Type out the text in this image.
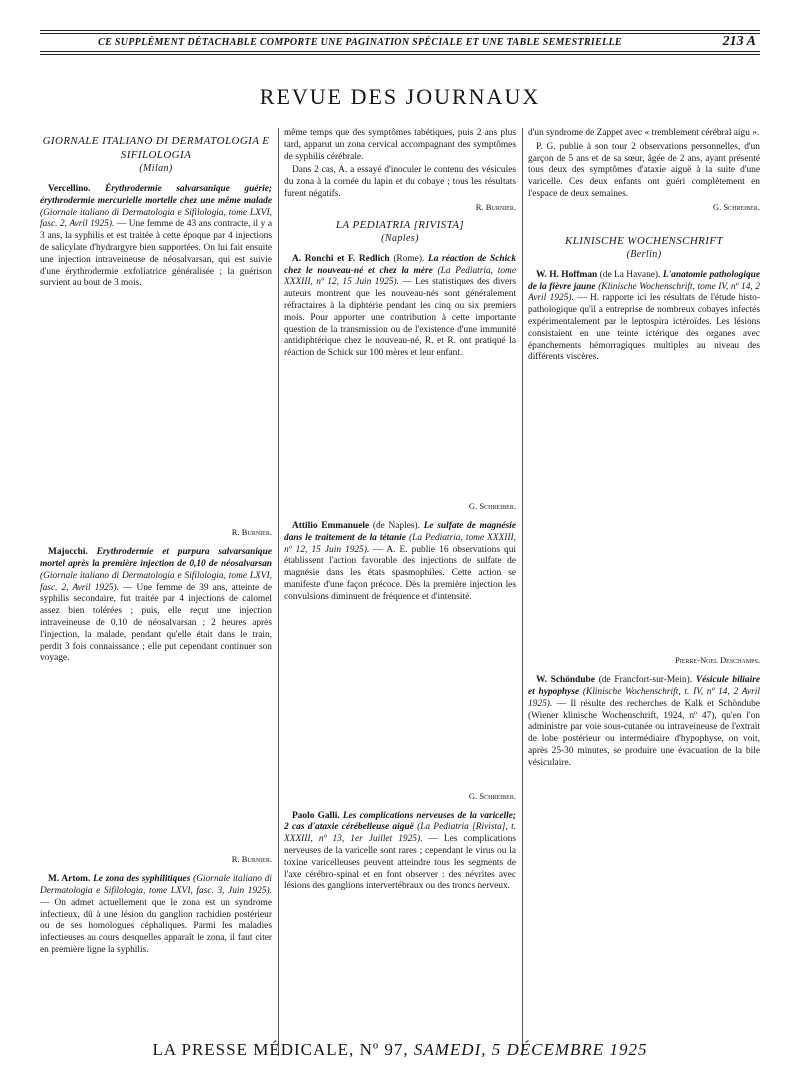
CE SUPPLÉMENT DÉTACHABLE COMPORTE UNE PAGINATION SPÉCIALE ET UNE TABLE SEMESTRIELLE	213 A
REVUE DES JOURNAUX
GIORNALE ITALIANO DI DERMATOLOGIA E SIFILOLOGIA
(Milan)

Vercellino. Érythrodermie salvarsanique guérie; érythrodermie mercurielle mortelle chez une même malade (Giornale italiano di Dermatologia e Sifilologia, tome LXVI, fasc. 2, Avril 1925). — Une femme de 43 ans contracte, il y a 3 ans, la syphilis et est traitée à cette époque par 4 injections de salicylate d'hydrargyre bien supportées. On lui fait ensuite une injection intraveineuse de néosalvarsan, qui est suivie d'une érythrodermie exfoliatrice généralisée ; la guérison survient au bout de 3 mois.

R. Burnier.

Majocchi. Erythrodermie et purpura salvarsanique mortel après la première injection de 0,10 de néosalvarsan (Giornale italiano di Dermatologia e Sifilologia, tome LXVI, fasc. 2, Avril 1925). — Une femme de 39 ans, atteinte de syphilis secondaire, fut traitée par 4 injections de calomel assez bien tolérées ; puis, elle reçut une injection intraveineuse de 0,10 de néosalvarsan ; 2 heures après l'injection, la malade, pendant qu'elle était dans le train, perdit 3 fois connaissance ; elle put cependant continuer son voyage.

R. Burnier.

M. Artom. Le zona des syphilitiques (Giornale italiano di Dermatologia e Sifilologia, tome LXVI, fasc. 3, Juin 1925). — On admet actuellement que le zona est un syndrome infectieux, dû à une lésion du ganglion rachidien postérieur ou de ses homologues céphaliques. Parmi les maladies infectieuses au cours desquelles apparaît le zona, il faut citer en première ligne la syphilis.

même temps que des symptômes tabétiques, puis 2 ans plus tard, apparut un zona cervical accompagnant des symptômes de syphilis cérébrale.

Dans 2 cas, A. a essayé d'inoculer le contenu des vésicules du zona à la cornée du lapin et du cobaye ; tous les résultats furent négatifs.

R. Burnier.

LA PEDIATRIA [RIVISTA]
(Naples)

A. Ronchi et F. Redlich (Rome). La réaction de Schick chez le nouveau-né et chez la mère (La Pediatria, tome XXXIII, nº 12, 15 Juin 1925). — Les statistiques des divers auteurs montrent que les nouveau-nés sont généralement réfractaires à la diphtérie pendant les cinq ou six premiers mois. Pour apporter une contribution à cette importante question de la transmission ou de l'existence d'une immunité antidiphtérique chez le nouveau-né, R. et R. ont pratiqué la réaction de Schick sur 100 mères et leur enfant.

G. Schreiber.

Attilio Emmanuele (de Naples). Le sulfate de magnésie dans le traitement de la tétanie (La Pediatria, tome XXXIII, nº 12, 15 Juin 1925). — A. E. publie 16 observations qui établissent l'action favorable des injections de sulfate de magnésie dans les états spasmophiles. Cette action se manifeste d'une façon précoce. Dès la première injection les convulsions diminuent de fréquence et d'intensité.

G. Schreiber.

Paolo Galli. Les complications nerveuses de la varicelle; 2 cas d'ataxie cérébelleuse aiguë (La Pediatria [Rivista], t. XXXIII, nº 13, 1er Juillet 1925). — Les complications nerveuses de la varicelle sont rares ; cependant le virus ou la toxine varicelleuses peuvent atteindre tous les segments de l'axe cérébro-spinal et en font observer : des névrites avec lésions des ganglions intervertébraux ou des troncs nerveux.

d'un syndrome de Zappet avec « tremblement cérébral aigu ».

P. G. publie à son tour 2 observations personnelles, d'un garçon de 5 ans et de sa sœur, âgée de 2 ans, ayant présenté tous deux des symptômes d'ataxie aiguë à la suite d'une varicelle. Ces deux enfants ont guéri complètement en l'espace de deux semaines.

G. Schreiber.

KLINISCHE WOCHENSCHRIFT
(Berlin)

W. H. Hoffman (de La Havane). L'anatomie pathologique de la fièvre jaune (Klinische Wochenschrift, tome IV, nº 14, 2 Avril 1925). — H. rapporte ici les résultats de l'étude histo-pathologique qu'il a entreprise de nombreux cobayes infectés expérimentalement par le leptospira ictéroïdes. Les lésions consistaient en une teinte ictérique des organes avec épanchements hémorragiques multiples au niveau des différents viscères.

Pierre-Noel Deschamps.

W. Schöndube (de Francfort-sur-Mein). Vésicule biliaire et hypophyse (Klinische Wochenschrift, t. IV, nº 14, 2 Avril 1925). — Il résulte des recherches de Kalk et Schöndube (Wiener klinische Wochenschrift, 1924, nº 47), qu'en l'on administre par voie sous-cutanée ou intraveineuse de l'extrait de lobe postérieur ou intermédiaire d'hypophyse, on voit, après 25-30 minutes, se produire une évacuation de la bile vésiculaire.

LA PRESSE MÉDICALE, Nº 97, SAMEDI, 5 DÉCEMBRE 1925
